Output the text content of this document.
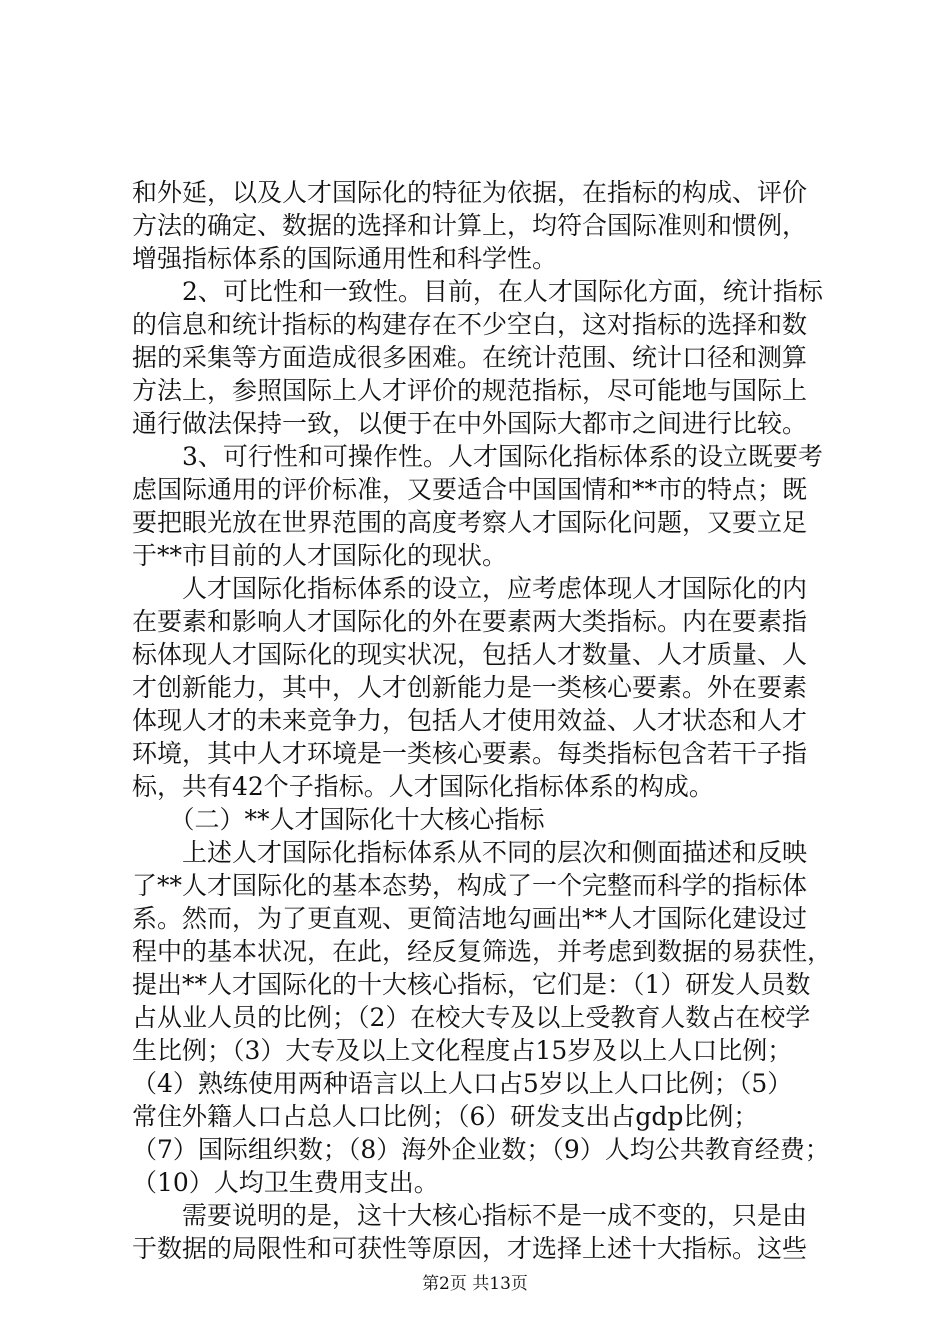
和外延，以及人才国际化的特征为依据，在指标的构成、评价
方法的确定、数据的选择和计算上，均符合国际准则和惯例，
增强指标体系的国际通用性和科学性。
　　2、可比性和一致性。目前，在人才国际化方面，统计指标
的信息和统计指标的构建存在不少空白，这对指标的选择和数
据的采集等方面造成很多困难。在统计范围、统计口径和测算
方法上，参照国际上人才评价的规范指标，尽可能地与国际上
通行做法保持一致，以便于在中外国际大都市之间进行比较。
　　3、可行性和可操作性。人才国际化指标体系的设立既要考
虑国际通用的评价标准，又要适合中国国情和**市的特点；既
要把眼光放在世界范围的高度考察人才国际化问题，又要立足
于**市目前的人才国际化的现状。
　　人才国际化指标体系的设立，应考虑体现人才国际化的内
在要素和影响人才国际化的外在要素两大类指标。内在要素指
标体现人才国际化的现实状况，包括人才数量、人才质量、人
才创新能力，其中，人才创新能力是一类核心要素。外在要素
体现人才的未来竞争力，包括人才使用效益、人才状态和人才
环境，其中人才环境是一类核心要素。每类指标包含若干子指
标，共有42个子指标。人才国际化指标体系的构成。
　　（二）**人才国际化十大核心指标
　　上述人才国际化指标体系从不同的层次和侧面描述和反映
了**人才国际化的基本态势，构成了一个完整而科学的指标体
系。然而，为了更直观、更简洁地勾画出**人才国际化建设过
程中的基本状况，在此，经反复筛选，并考虑到数据的易获性，
提出**人才国际化的十大核心指标，它们是：（1）研发人员数
占从业人员的比例；（2）在校大专及以上受教育人数占在校学
生比例；（3）大专及以上文化程度占15岁及以上人口比例；
（4）熟练使用两种语言以上人口占5岁以上人口比例；（5）
常住外籍人口占总人口比例；（6）研发支出占gdp比例；
（7）国际组织数；（8）海外企业数；（9）人均公共教育经费；
（10）人均卫生费用支出。
　　需要说明的是，这十大核心指标不是一成不变的，只是由
于数据的局限性和可获性等原因，才选择上述十大指标。这些
第2页 共13页
